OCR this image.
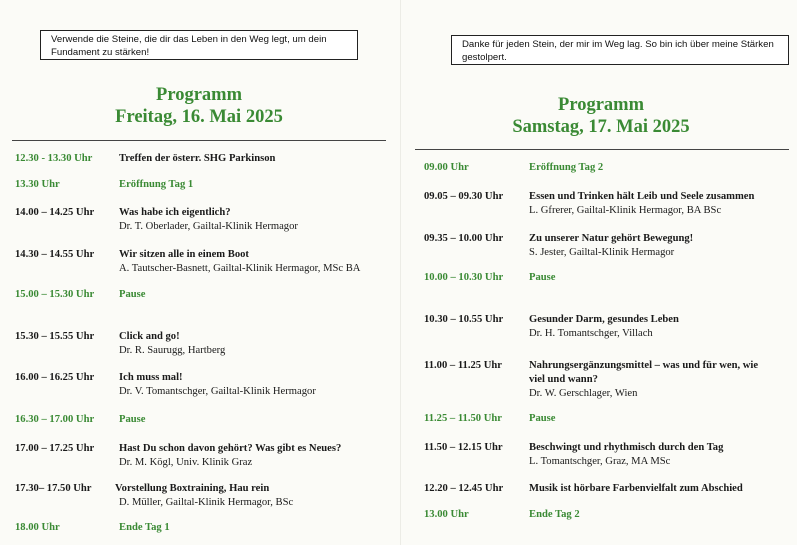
Verwende die Steine, die dir das Leben in den Weg legt, um dein Fundament zu stärken!
Programm
Freitag, 16. Mai 2025
12.30 - 13.30 Uhr	Treffen der österr. SHG Parkinson
13.30 Uhr	Eröffnung Tag 1
14.00 – 14.25 Uhr Was habe ich eigentlich?
Dr. T. Oberlader, Gailtal-Klinik Hermagor
14.30 – 14.55 Uhr Wir sitzen alle in einem Boot
A. Tautscher-Basnett, Gailtal-Klinik Hermagor, MSc BA
15.00 – 15.30 Uhr Pause
15.30 – 15.55 Uhr Click and go!
Dr. R. Saurugg, Hartberg
16.00 – 16.25 Uhr Ich muss mal!
Dr. V. Tomantschger, Gailtal-Klinik Hermagor
16.30 – 17.00 Uhr Pause
17.00 – 17.25 Uhr Hast Du schon davon gehört? Was gibt es Neues?
Dr. M. Kögl, Univ. Klinik Graz
17.30– 17.50 Uhr Vorstellung Boxtraining, Hau rein
D. Müller, Gailtal-Klinik Hermagor, BSc
18.00 Uhr	Ende Tag 1
Danke für jeden Stein, der mir im Weg lag. So bin ich über meine Stärken gestolpert.
Programm
Samstag, 17. Mai 2025
09.00 Uhr	Eröffnung Tag 2
09.05 – 09.30 Uhr Essen und Trinken hält Leib und Seele zusammen
L. Gfrerer, Gailtal-Klinik Hermagor, BA BSc
09.35 – 10.00 Uhr Zu unserer Natur gehört Bewegung!
S. Jester, Gailtal-Klinik Hermagor
10.00 – 10.30 Uhr Pause
10.30 – 10.55 Uhr Gesunder Darm, gesundes Leben
Dr. H. Tomantschger, Villach
11.00 – 11.25 Uhr	Nahrungsergänzungsmittel – was und für wen, wie
viel und wann?
Dr. W. Gerschlager, Wien
11.25 – 11.50 Uhr	Pause
11.50 – 12.15 Uhr Beschwingt und rhythmisch durch den Tag
L. Tomantschger, Graz, MA MSc
12.20 – 12.45 Uhr Musik ist hörbare Farbenvielfalt zum Abschied
13.00 Uhr	Ende Tag 2
